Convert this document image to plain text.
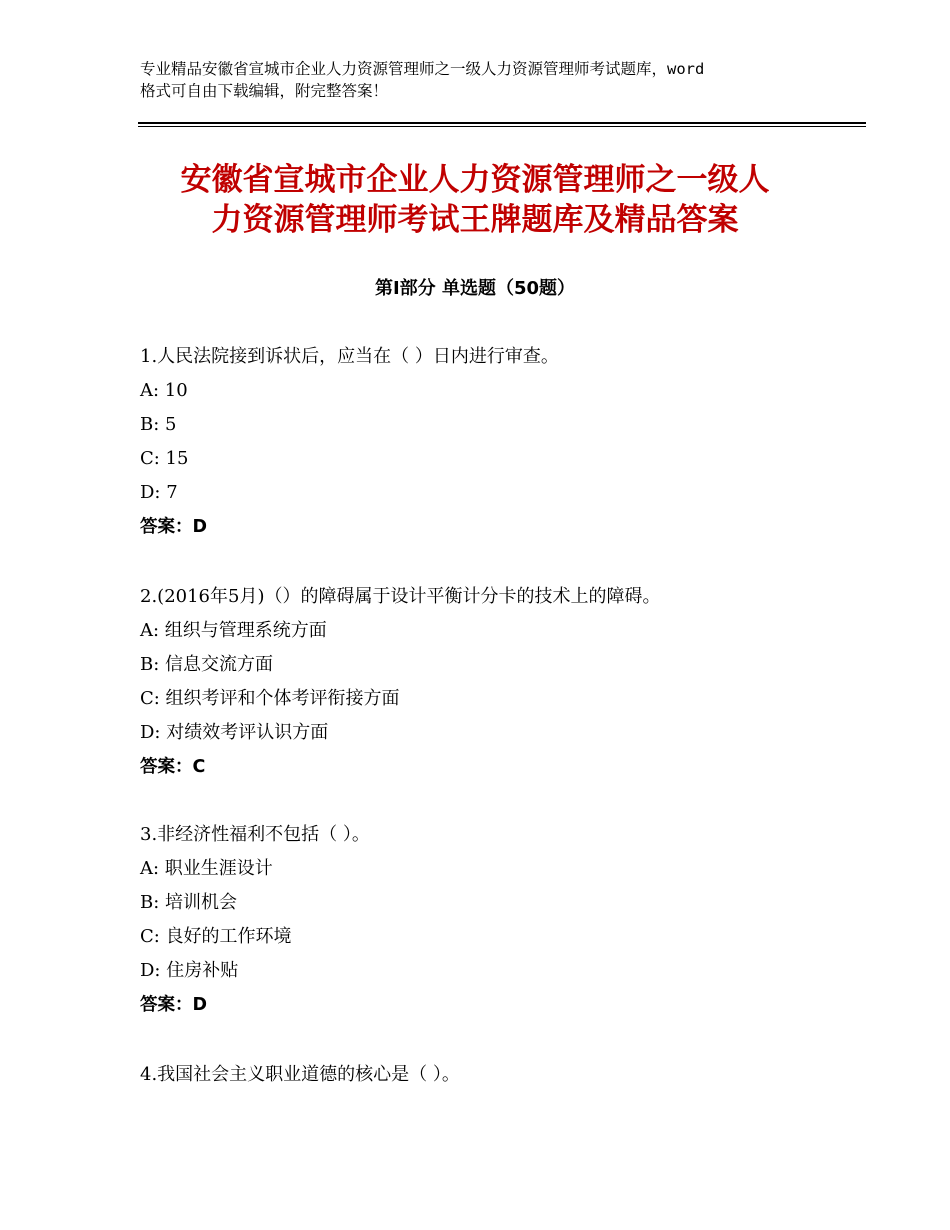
专业精品安徽省宣城市企业人力资源管理师之一级人力资源管理师考试题库，word
格式可自由下载编辑，附完整答案！
安徽省宣城市企业人力资源管理师之一级人
力资源管理师考试王牌题库及精品答案
第Ⅰ部分 单选题（50题）
1.人民法院接到诉状后，应当在（ ）日内进行审查。
A: 10
B: 5
C: 15
D: 7
答案：D
2.(2016年5月)（）的障碍属于设计平衡计分卡的技术上的障碍。
A: 组织与管理系统方面
B: 信息交流方面
C: 组织考评和个体考评衔接方面
D: 对绩效考评认识方面
答案：C
3.非经济性福利不包括（ ）。
A: 职业生涯设计
B: 培训机会
C: 良好的工作环境
D: 住房补贴
答案：D
4.我国社会主义职业道德的核心是（ ）。
